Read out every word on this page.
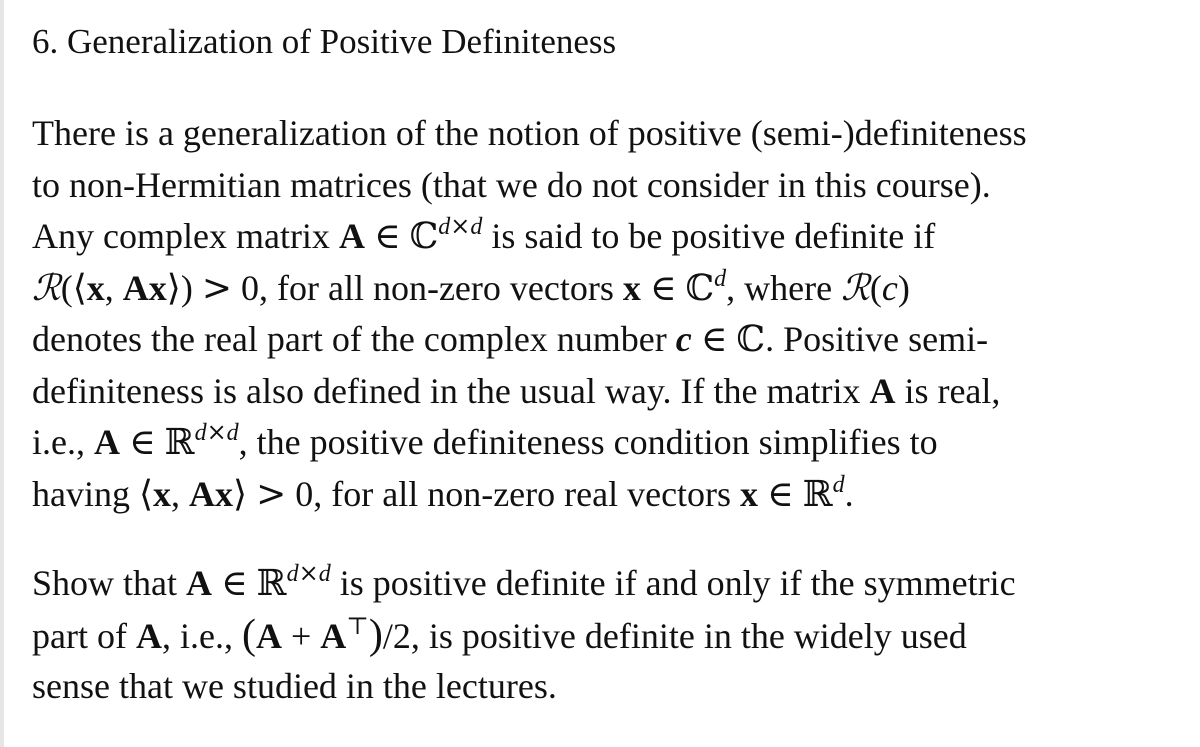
6. Generalization of Positive Definiteness
There is a generalization of the notion of positive (semi-)definiteness
to non-Hermitian matrices (that we do not consider in this course).
Any complex matrix A ∈ ℂ$^{d\times d}$ is said to be positive definite if
ℛ(⟨x, Ax⟩) > 0, for all non-zero vectors x ∈ ℂ$^d$, where ℛ(c)
denotes the real part of the complex number c ∈ ℂ. Positive semi-
definiteness is also defined in the usual way. If the matrix A is real,
i.e., A ∈ ℝ$^{d\times d}$, the positive definiteness condition simplifies to
having ⟨x, Ax⟩ > 0, for all non-zero real vectors x ∈ ℝ$^d$.
Show that A ∈ ℝ$^{d\times d}$ is positive definite if and only if the symmetric
part of A, i.e., (A + A⊤)/2, is positive definite in the widely used
sense that we studied in the lectures.
